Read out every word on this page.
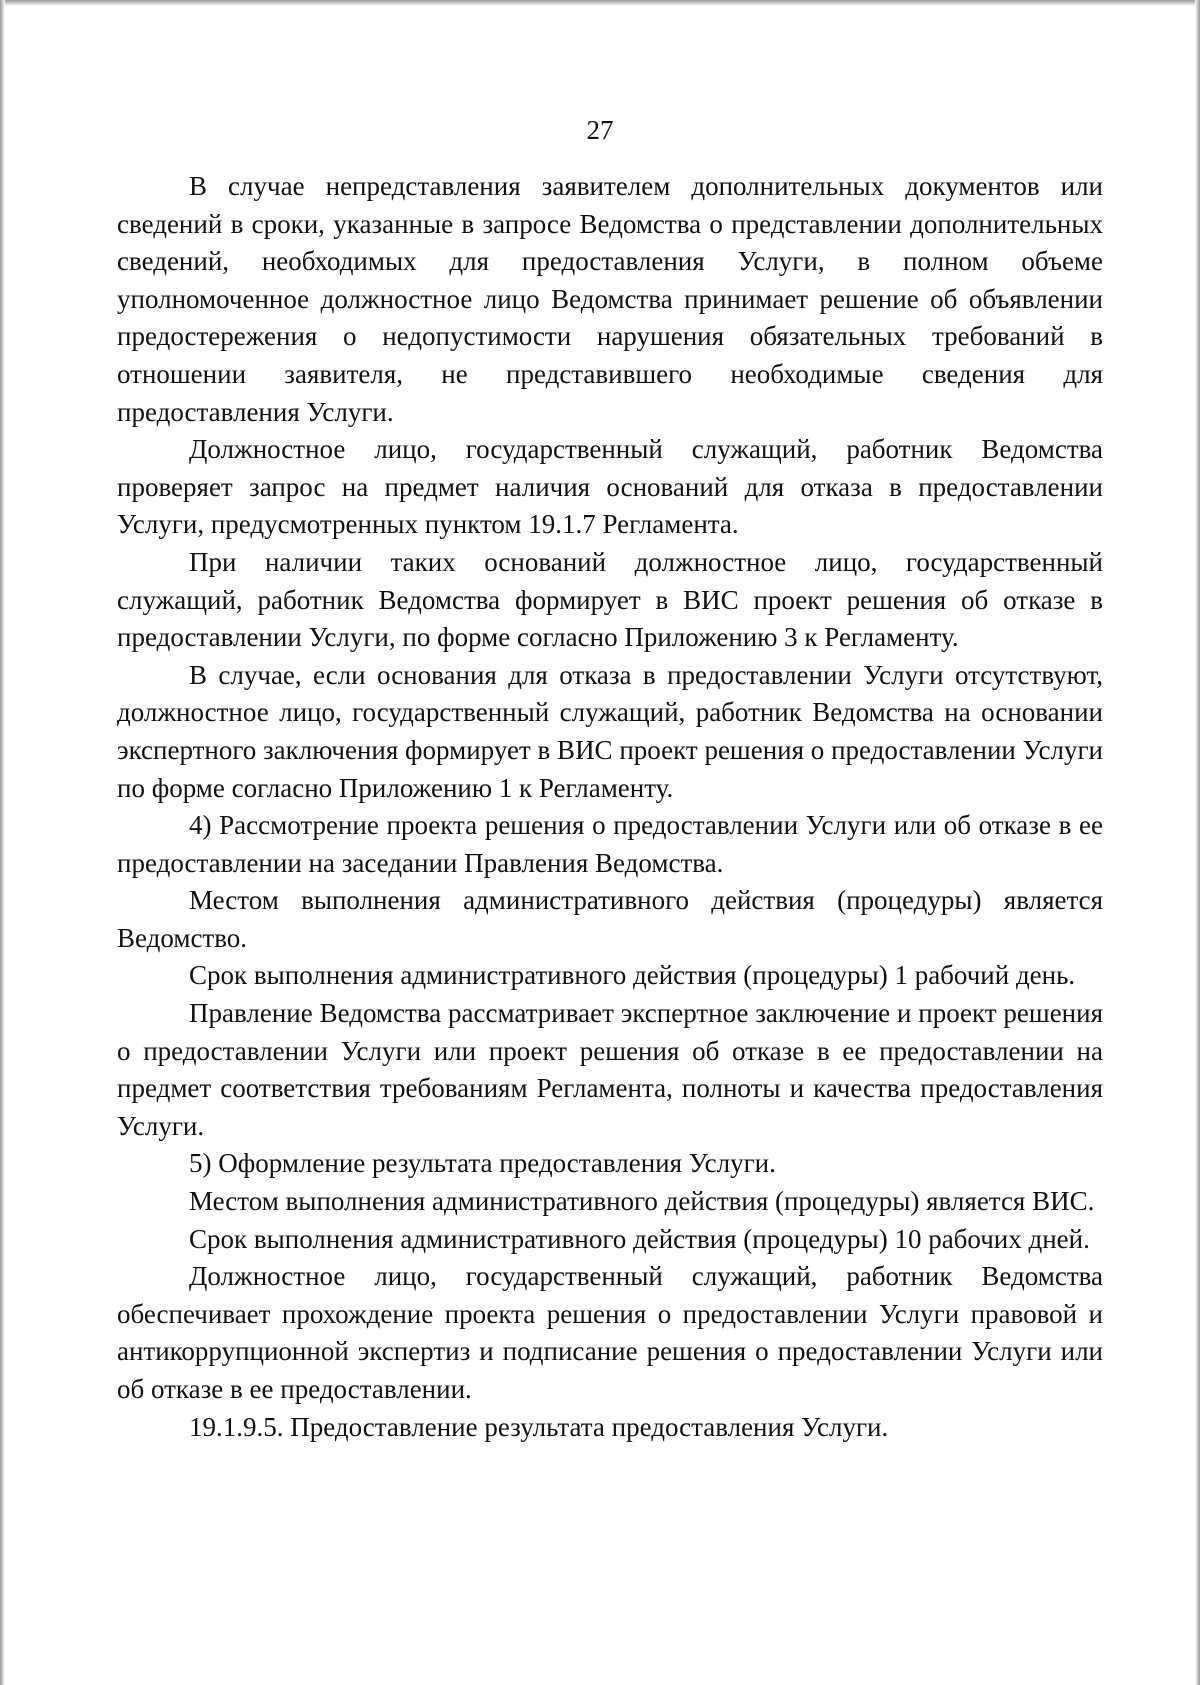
27

В случае непредставления заявителем дополнительных документов или сведений в сроки, указанные в запросе Ведомства о представлении дополнительных сведений, необходимых для предоставления Услуги, в полном объеме уполномоченное должностное лицо Ведомства принимает решение об объявлении предостережения о недопустимости нарушения обязательных требований в отношении заявителя, не представившего необходимые сведения для предоставления Услуги.

Должностное лицо, государственный служащий, работник Ведомства проверяет запрос на предмет наличия оснований для отказа в предоставлении Услуги, предусмотренных пунктом 19.1.7 Регламента.

При наличии таких оснований должностное лицо, государственный служащий, работник Ведомства формирует в ВИС проект решения об отказе в предоставлении Услуги, по форме согласно Приложению 3 к Регламенту.

В случае, если основания для отказа в предоставлении Услуги отсутствуют, должностное лицо, государственный служащий, работник Ведомства на основании экспертного заключения формирует в ВИС проект решения о предоставлении Услуги по форме согласно Приложению 1 к Регламенту.

4) Рассмотрение проекта решения о предоставлении Услуги или об отказе в ее предоставлении на заседании Правления Ведомства.

Местом выполнения административного действия (процедуры) является Ведомство.

Срок выполнения административного действия (процедуры) 1 рабочий день.

Правление Ведомства рассматривает экспертное заключение и проект решения о предоставлении Услуги или проект решения об отказе в ее предоставлении на предмет соответствия требованиям Регламента, полноты и качества предоставления Услуги.

5) Оформление результата предоставления Услуги.

Местом выполнения административного действия (процедуры) является ВИС.

Срок выполнения административного действия (процедуры) 10 рабочих дней.

Должностное лицо, государственный служащий, работник Ведомства обеспечивает прохождение проекта решения о предоставлении Услуги правовой и антикоррупционной экспертиз и подписание решения о предоставлении Услуги или об отказе в ее предоставлении.

19.1.9.5. Предоставление результата предоставления Услуги.
